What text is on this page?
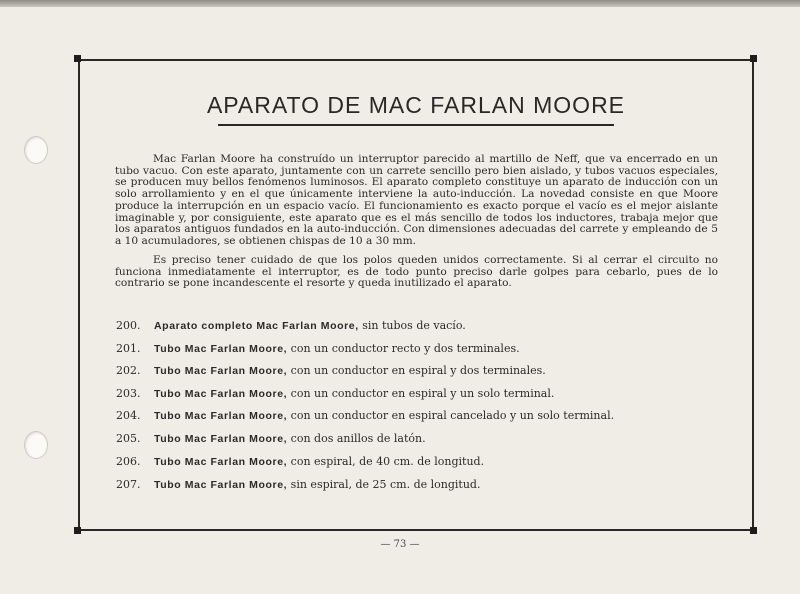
APARATO DE MAC FARLAN MOORE

Mac Farlan Moore ha construído un interruptor parecido al martillo de Neff, que va encerrado en un tubo vacuo. Con este aparato, juntamente con un carrete sencillo pero bien aislado, y tubos vacuos especiales, se producen muy bellos fenómenos luminosos. El aparato completo constituye un aparato de inducción con un solo arrollamiento y en el que únicamente interviene la auto-inducción. La novedad consiste en que Moore produce la interrupción en un espacio vacío. El funcionamiento es exacto porque el vacío es el mejor aislante imaginable y, por consiguiente, este aparato que es el más sencillo de todos los inductores, trabaja mejor que los aparatos antiguos fundados en la auto-inducción. Con dimensiones adecuadas del carrete y empleando de 5 a 10 acumuladores, se obtienen chispas de 10 a 30 mm.

Es preciso tener cuidado de que los polos queden unidos correctamente. Si al cerrar el circuito no funciona inmediatamente el interruptor, es de todo punto preciso darle golpes para cebarlo, pues de lo contrario se pone incandescente el resorte y queda inutilizado el aparato.

200. Aparato completo Mac Farlan Moore, sin tubos de vacío.
201. Tubo Mac Farlan Moore, con un conductor recto y dos terminales.
202. Tubo Mac Farlan Moore, con un conductor en espiral y dos terminales.
203. Tubo Mac Farlan Moore, con un conductor en espiral y un solo terminal.
204. Tubo Mac Farlan Moore, con un conductor en espiral cancelado y un solo terminal.
205. Tubo Mac Farlan Moore, con dos anillos de latón.
206. Tubo Mac Farlan Moore, con espiral, de 40 cm. de longitud.
207. Tubo Mac Farlan Moore, sin espiral, de 25 cm. de longitud.
— 73 —
